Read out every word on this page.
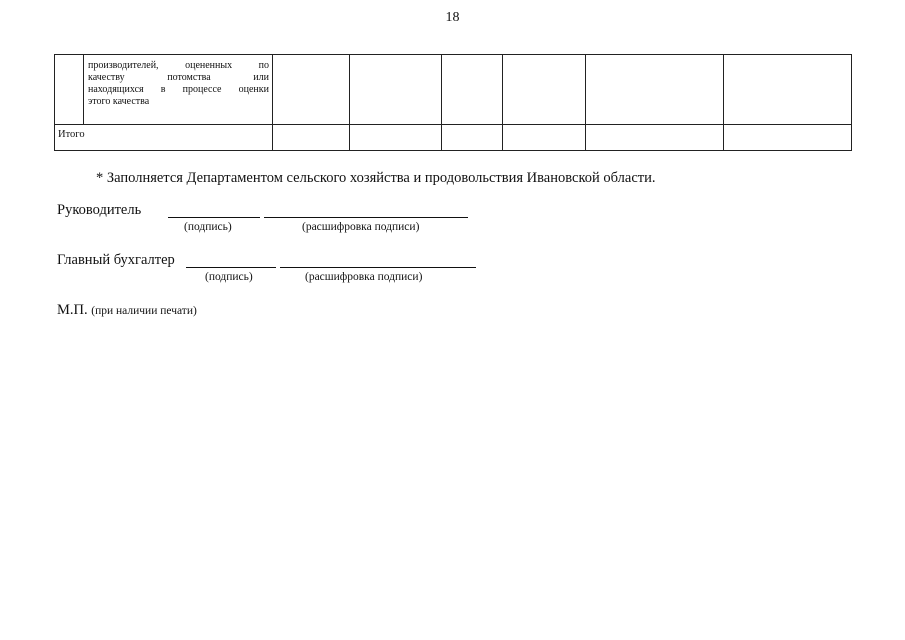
18

	производителей, оцененных по
качеству потомства или
находящихся в процессе оценки
этого качества						

Итого							

* Заполняется Департаментом сельского хозяйства и продовольствия Ивановской области.
Руководитель
(подпись)	(расшифровка подписи)
Главный бухгалтер
(подпись)	(расшифровка подписи)
М.П. (при наличии печати)
